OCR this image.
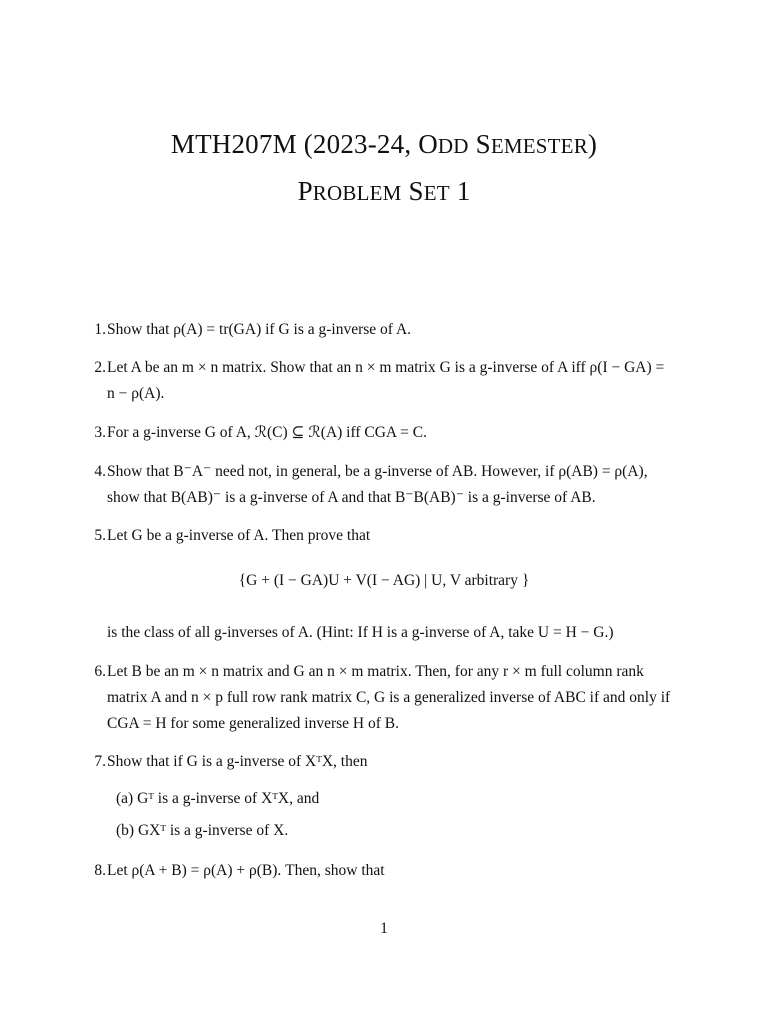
MTH207M (2023-24, ODD SEMESTER)
PROBLEM SET 1
1. Show that ρ(A) = tr(GA) if G is a g-inverse of A.
2. Let A be an m × n matrix. Show that an n × m matrix G is a g-inverse of A iff ρ(I − GA) =
n − ρ(A).
3. For a g-inverse G of A, ℛ(C) ⊆ ℛ(A) iff CGA = C.
4. Show that B⁻A⁻ need not, in general, be a g-inverse of AB. However, if ρ(AB) = ρ(A),
show that B(AB)⁻ is a g-inverse of A and that B⁻B(AB)⁻ is a g-inverse of AB.
5. Let G be a g-inverse of A. Then prove that
{G + (I − GA)U + V(I − AG) | U, V arbitrary }
is the class of all g-inverses of A. (Hint: If H is a g-inverse of A, take U = H − G.)
6. Let B be an m × n matrix and G an n × m matrix. Then, for any r × m full column rank
matrix A and n × p full row rank matrix C, G is a generalized inverse of ABC if and only if
CGA = H for some generalized inverse H of B.
7. Show that if G is a g-inverse of XᵀX, then
(a) Gᵀ is a g-inverse of XᵀX, and
(b) GXᵀ is a g-inverse of X.
8. Let ρ(A + B) = ρ(A) + ρ(B). Then, show that
1
